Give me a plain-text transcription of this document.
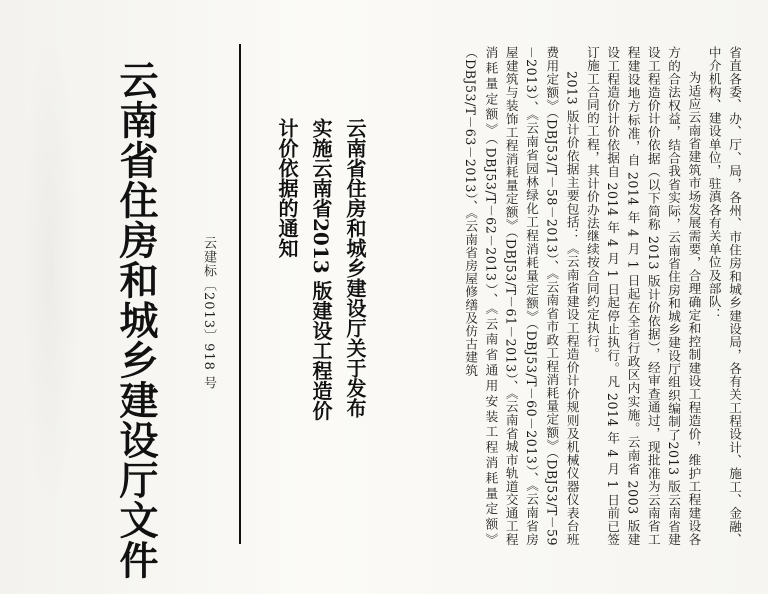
云南省住房和城乡建设厅文件	云建标〔2013〕918 号	云南省住房和城乡建设厅关于发布
实施云南省2013 版建设工程造价
计价依据的通知	省直各委、办、厅、局，各州、市住房和城乡建设局，各有关工程设计、施工、金融、中介机构、建设单位，驻滇各有关单位及部队：

为适应云南省建筑市场发展需要，合理确定和控制建设工程造价，维护工程建设各方的合法权益，结合我省实际，云南省住房和城乡建设厅组织编制了2013 版云南省建设工程造价计价依据（以下简称 2013 版计价依据），经审查通过，现批准为云南省工程建设地方标准，自 2014 年 4 月 1 日起在全省行政区内实施。云南省 2003 版建设工程造价计价依据自 2014 年 4 月 1 日起停止执行。凡 2014 年 4 月 1 日前已签订施工合同的工程，其计价办法继续按合同约定执行。

2013 版计价依据主要包括：《云南省建设工程造价计价规则及机械仪器仪表台班费用定额》（DBJ53/T－58－2013）、《云南省市政工程消耗量定额》（DBJ53/T－59－2013）、《云南省园林绿化工程消耗量定额》（DBJ53/T－60－2013）、《云南省房屋建筑与装饰工程消耗量定额》（DBJ53/T－61－2013）、《云南省城市轨道交通工程消耗量定额》（DBJ53/T－62－2013）、《云南省通用安装工程消耗量定额》（DBJ53/T－63－2013）、《云南省房屋修缮及仿古建筑
